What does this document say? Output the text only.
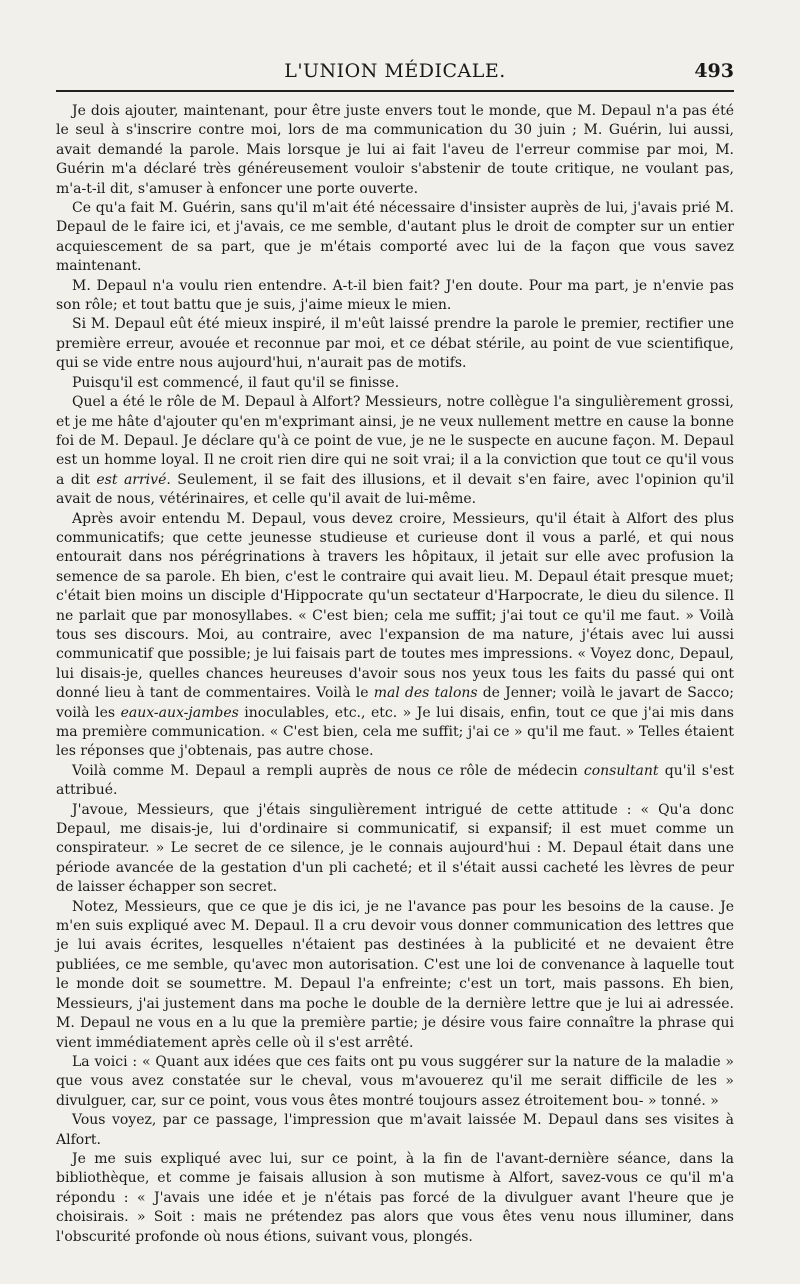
L'UNION MÉDICALE.	493

Je dois ajouter, maintenant, pour être juste envers tout le monde, que M. Depaul n'a pas été le seul à s'inscrire contre moi, lors de ma communication du 30 juin ; M. Guérin, lui aussi, avait demandé la parole. Mais lorsque je lui ai fait l'aveu de l'erreur commise par moi, M. Guérin m'a déclaré très généreusement vouloir s'abstenir de toute critique, ne voulant pas, m'a-t-il dit, s'amuser à enfoncer une porte ouverte.

Ce qu'a fait M. Guérin, sans qu'il m'ait été nécessaire d'insister auprès de lui, j'avais prié M. Depaul de le faire ici, et j'avais, ce me semble, d'autant plus le droit de compter sur un entier acquiescement de sa part, que je m'étais comporté avec lui de la façon que vous savez maintenant.

M. Depaul n'a voulu rien entendre. A-t-il bien fait? J'en doute. Pour ma part, je n'envie pas son rôle; et tout battu que je suis, j'aime mieux le mien.

Si M. Depaul eût été mieux inspiré, il m'eût laissé prendre la parole le premier, rectifier une première erreur, avouée et reconnue par moi, et ce débat stérile, au point de vue scientifique, qui se vide entre nous aujourd'hui, n'aurait pas de motifs.

Puisqu'il est commencé, il faut qu'il se finisse.

Quel a été le rôle de M. Depaul à Alfort? Messieurs, notre collègue l'a singulièrement grossi, et je me hâte d'ajouter qu'en m'exprimant ainsi, je ne veux nullement mettre en cause la bonne foi de M. Depaul. Je déclare qu'à ce point de vue, je ne le suspecte en aucune façon. M. Depaul est un homme loyal. Il ne croit rien dire qui ne soit vrai; il a la conviction que tout ce qu'il vous a dit est arrivé. Seulement, il se fait des illusions, et il devait s'en faire, avec l'opinion qu'il avait de nous, vétérinaires, et celle qu'il avait de lui-même.

Après avoir entendu M. Depaul, vous devez croire, Messieurs, qu'il était à Alfort des plus communicatifs; que cette jeunesse studieuse et curieuse dont il vous a parlé, et qui nous entourait dans nos pérégrinations à travers les hôpitaux, il jetait sur elle avec profusion la semence de sa parole. Eh bien, c'est le contraire qui avait lieu. M. Depaul était presque muet; c'était bien moins un disciple d'Hippocrate qu'un sectateur d'Harpocrate, le dieu du silence. Il ne parlait que par monosyllabes. « C'est bien; cela me suffit; j'ai tout ce qu'il me faut. » Voilà tous ses discours. Moi, au contraire, avec l'expansion de ma nature, j'étais avec lui aussi communicatif que possible; je lui faisais part de toutes mes impressions. « Voyez donc, Depaul, lui disais-je, quelles chances heureuses d'avoir sous nos yeux tous les faits du passé qui ont donné lieu à tant de commentaires. Voilà le mal des talons de Jenner; voilà le javart de Sacco; voilà les eaux-aux-jambes inoculables, etc., etc. » Je lui disais, enfin, tout ce que j'ai mis dans ma première communication. « C'est bien, cela me suffit; j'ai ce » qu'il me faut. » Telles étaient les réponses que j'obtenais, pas autre chose.

Voilà comme M. Depaul a rempli auprès de nous ce rôle de médecin consultant qu'il s'est attribué.

J'avoue, Messieurs, que j'étais singulièrement intrigué de cette attitude : « Qu'a donc Depaul, me disais-je, lui d'ordinaire si communicatif, si expansif; il est muet comme un conspirateur. » Le secret de ce silence, je le connais aujourd'hui : M. Depaul était dans une période avancée de la gestation d'un pli cacheté; et il s'était aussi cacheté les lèvres de peur de laisser échapper son secret.

Notez, Messieurs, que ce que je dis ici, je ne l'avance pas pour les besoins de la cause. Je m'en suis expliqué avec M. Depaul. Il a cru devoir vous donner communication des lettres que je lui avais écrites, lesquelles n'étaient pas destinées à la publicité et ne devaient être publiées, ce me semble, qu'avec mon autorisation. C'est une loi de convenance à laquelle tout le monde doit se soumettre. M. Depaul l'a enfreinte; c'est un tort, mais passons. Eh bien, Messieurs, j'ai justement dans ma poche le double de la dernière lettre que je lui ai adressée. M. Depaul ne vous en a lu que la première partie; je désire vous faire connaître la phrase qui vient immédiatement après celle où il s'est arrêté.

La voici : « Quant aux idées que ces faits ont pu vous suggérer sur la nature de la maladie » que vous avez constatée sur le cheval, vous m'avouerez qu'il me serait difficile de les » divulguer, car, sur ce point, vous vous êtes montré toujours assez étroitement bou- » tonné. »

Vous voyez, par ce passage, l'impression que m'avait laissée M. Depaul dans ses visites à Alfort.

Je me suis expliqué avec lui, sur ce point, à la fin de l'avant-dernière séance, dans la bibliothèque, et comme je faisais allusion à son mutisme à Alfort, savez-vous ce qu'il m'a répondu : « J'avais une idée et je n'étais pas forcé de la divulguer avant l'heure que je choisirais. » Soit : mais ne prétendez pas alors que vous êtes venu nous illuminer, dans l'obscurité profonde où nous étions, suivant vous, plongés.
